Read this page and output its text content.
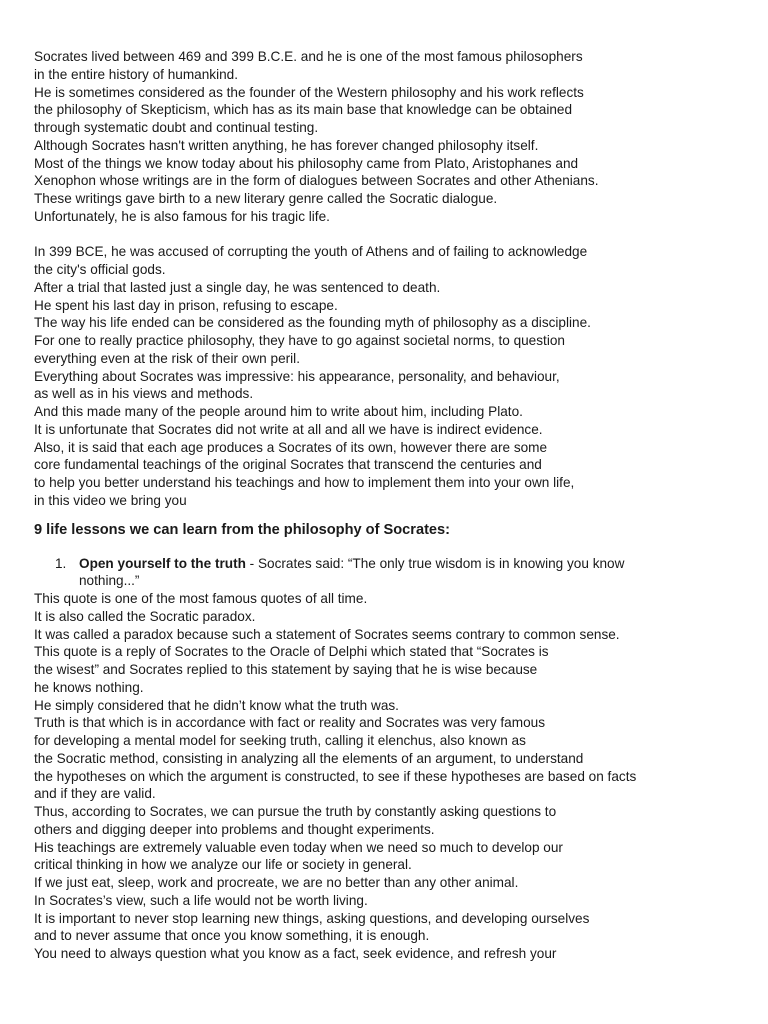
Socrates lived between 469 and 399 B.C.E. and he is one of the most famous philosophers
in the entire history of humankind.
He is sometimes considered as the founder of the Western philosophy and his work reflects
the philosophy of Skepticism, which has as its main base that knowledge can be obtained
through systematic doubt and continual testing.
Although Socrates hasn't written anything, he has forever changed philosophy itself.
Most of the things we know today about his philosophy came from Plato, Aristophanes and
Xenophon whose writings are in the form of dialogues between Socrates and other Athenians.
These writings gave birth to a new literary genre called the Socratic dialogue.
Unfortunately, he is also famous for his tragic life.
In 399 BCE, he was accused of corrupting the youth of Athens and of failing to acknowledge
the city's official gods.
After a trial that lasted just a single day, he was sentenced to death.
He spent his last day in prison, refusing to escape.
The way his life ended can be considered as the founding myth of philosophy as a discipline.
For one to really practice philosophy, they have to go against societal norms, to question
everything even at the risk of their own peril.
Everything about Socrates was impressive: his appearance, personality, and behaviour,
as well as in his views and methods.
And this made many of the people around him to write about him, including Plato.
It is unfortunate that Socrates did not write at all and all we have is indirect evidence.
Also, it is said that each age produces a Socrates of its own, however there are some
core fundamental teachings of the original Socrates that transcend the centuries and
to help you better understand his teachings and how to implement them into your own life,
in this video we bring you
9 life lessons we can learn from the philosophy of Socrates:
1. Open yourself to the truth - Socrates said: “The only true wisdom is in knowing you know
nothing...”
This quote is one of the most famous quotes of all time.
It is also called the Socratic paradox.
It was called a paradox because such a statement of Socrates seems contrary to common sense.
This quote is a reply of Socrates to the Oracle of Delphi which stated that “Socrates is
the wisest” and Socrates replied to this statement by saying that he is wise because
he knows nothing.
He simply considered that he didn’t know what the truth was.
Truth is that which is in accordance with fact or reality and Socrates was very famous
for developing a mental model for seeking truth, calling it elenchus, also known as
the Socratic method, consisting in analyzing all the elements of an argument, to understand
the hypotheses on which the argument is constructed, to see if these hypotheses are based on facts
and if they are valid.
Thus, according to Socrates, we can pursue the truth by constantly asking questions to
others and digging deeper into problems and thought experiments.
His teachings are extremely valuable even today when we need so much to develop our
critical thinking in how we analyze our life or society in general.
If we just eat, sleep, work and procreate, we are no better than any other animal.
In Socrates’s view, such a life would not be worth living.
It is important to never stop learning new things, asking questions, and developing ourselves
and to never assume that once you know something, it is enough.
You need to always question what you know as a fact, seek evidence, and refresh your
